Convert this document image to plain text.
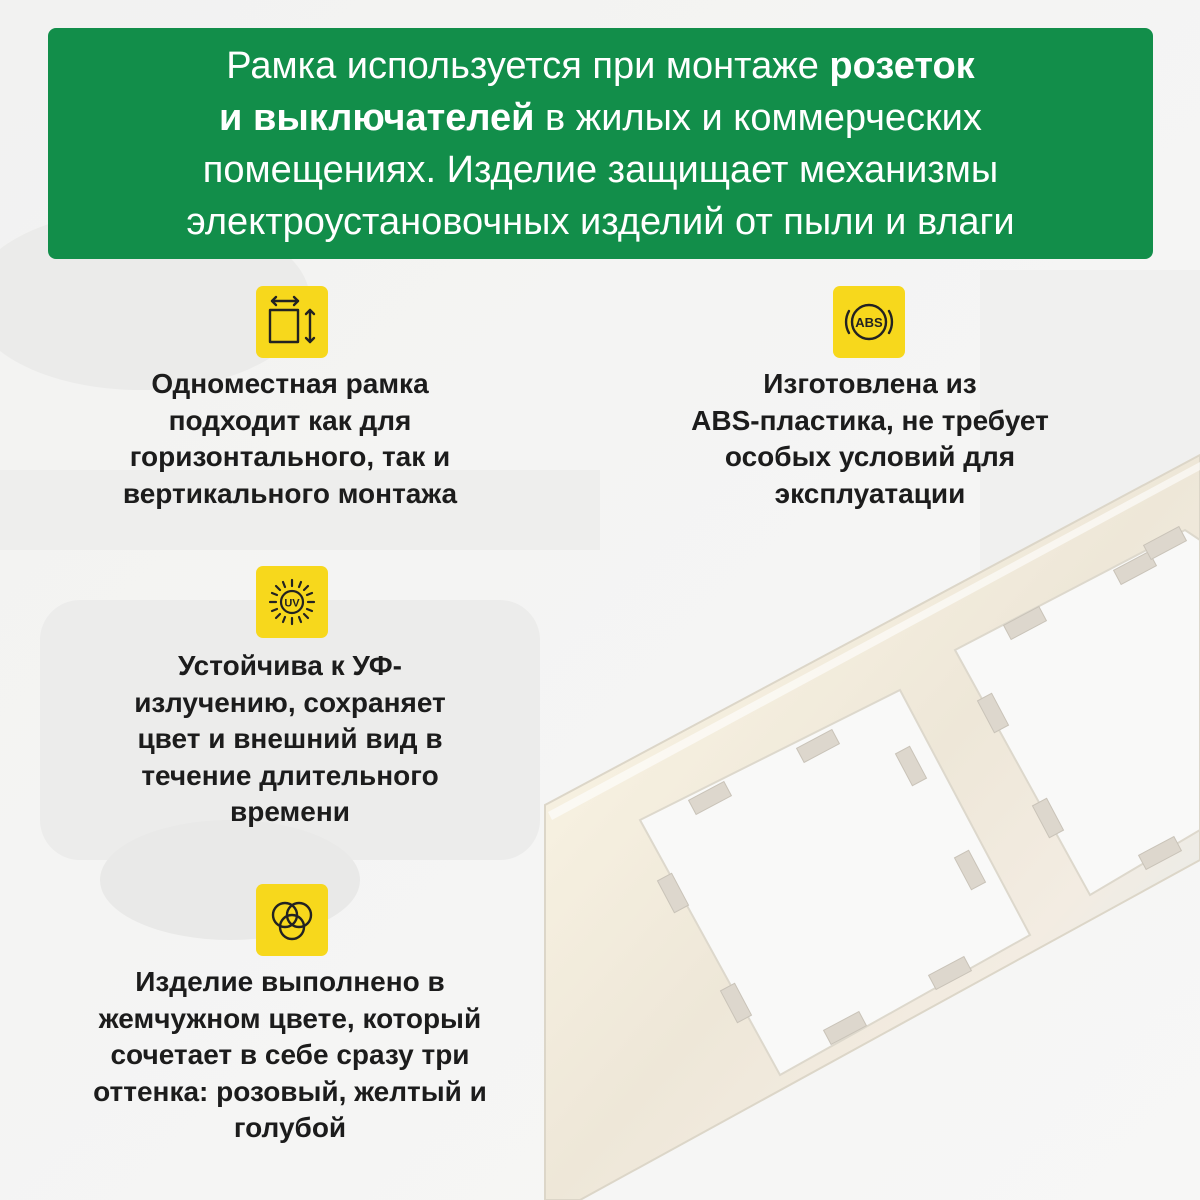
Рамка используется при монтаже розеток
и выключателей в жилых и коммерческих
помещениях. Изделие защищает механизмы
электроустановочных изделий от пыли и влаги
Одноместная рамка
подходит как для
горизонтального, так и
вертикального монтажа
ABS
Изготовлена из
ABS-пластика, не требует
особых условий для
эксплуатации
UV
Устойчива к УФ-
излучению, сохраняет
цвет и внешний вид в
течение длительного
времени
Изделие выполнено в
жемчужном цвете, который
сочетает в себе сразу три
оттенка: розовый, желтый и
голубой
